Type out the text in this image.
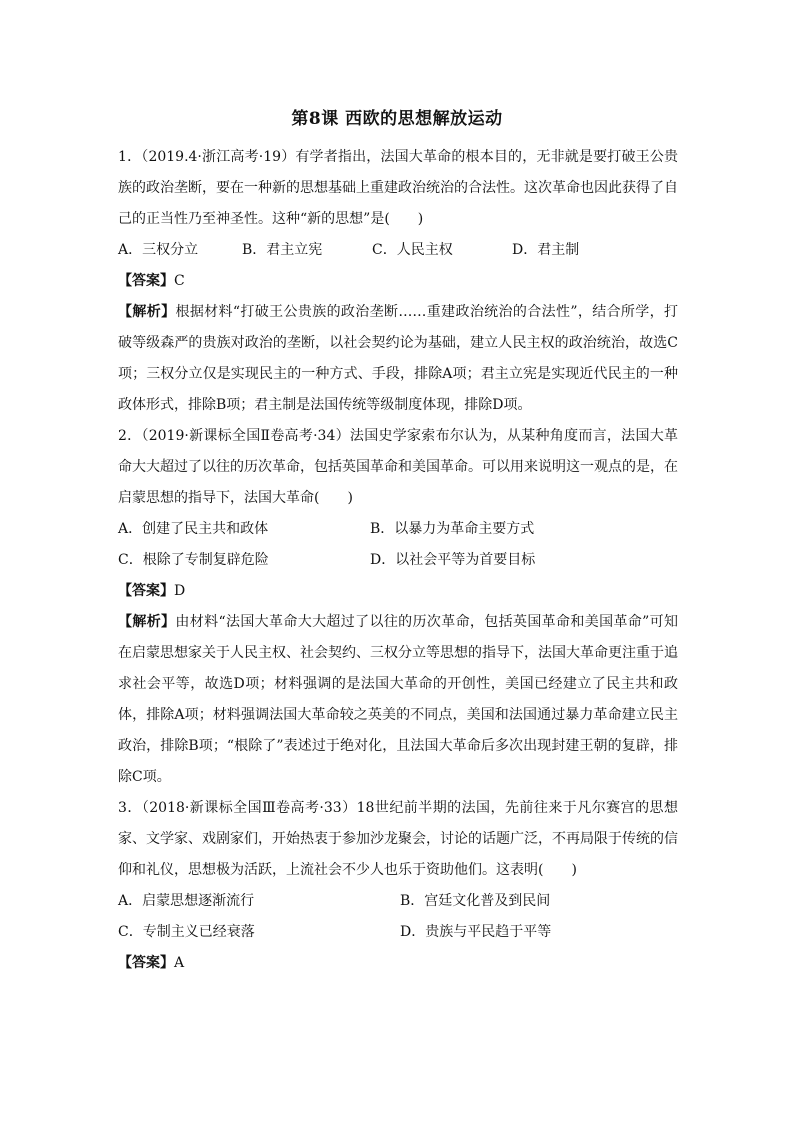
第8课 西欧的思想解放运动

1．（2019.4·浙江高考·19）有学者指出，法国大革命的根本目的，无非就是要打破王公贵族的政治垄断，要在一种新的思想基础上重建政治统治的合法性。这次革命也因此获得了自己的正当性乃至神圣性。这种“新的思想”是(　　)

A．三权分立	B．君主立宪	C．人民主权	D．君主制

【答案】C

【解析】根据材料“打破王公贵族的政治垄断……重建政治统治的合法性”，结合所学，打破等级森严的贵族对政治的垄断，以社会契约论为基础，建立人民主权的政治统治，故选C项；三权分立仅是实现民主的一种方式、手段，排除A项；君主立宪是实现近代民主的一种政体形式，排除B项；君主制是法国传统等级制度体现，排除D项。

2．（2019·新课标全国Ⅱ卷高考·34）法国史学家索布尔认为，从某种角度而言，法国大革命大大超过了以往的历次革命，包括英国革命和美国革命。可以用来说明这一观点的是，在启蒙思想的指导下，法国大革命(　　)

A．创建了民主共和政体	B．以暴力为革命主要方式
C．根除了专制复辟危险	D．以社会平等为首要目标

【答案】D

【解析】由材料“法国大革命大大超过了以往的历次革命，包括英国革命和美国革命”可知在启蒙思想家关于人民主权、社会契约、三权分立等思想的指导下，法国大革命更注重于追求社会平等，故选D项；材料强调的是法国大革命的开创性，美国已经建立了民主共和政体，排除A项；材料强调法国大革命较之英美的不同点，美国和法国通过暴力革命建立民主政治，排除B项；“根除了”表述过于绝对化，且法国大革命后多次出现封建王朝的复辟，排除C项。

3．（2018·新课标全国Ⅲ卷高考·33）18世纪前半期的法国，先前往来于凡尔赛宫的思想家、文学家、戏剧家们，开始热衷于参加沙龙聚会，讨论的话题广泛，不再局限于传统的信仰和礼仪，思想极为活跃，上流社会不少人也乐于资助他们。这表明(　　)

A．启蒙思想逐渐流行	B．宫廷文化普及到民间
C．专制主义已经衰落	D．贵族与平民趋于平等

【答案】A
